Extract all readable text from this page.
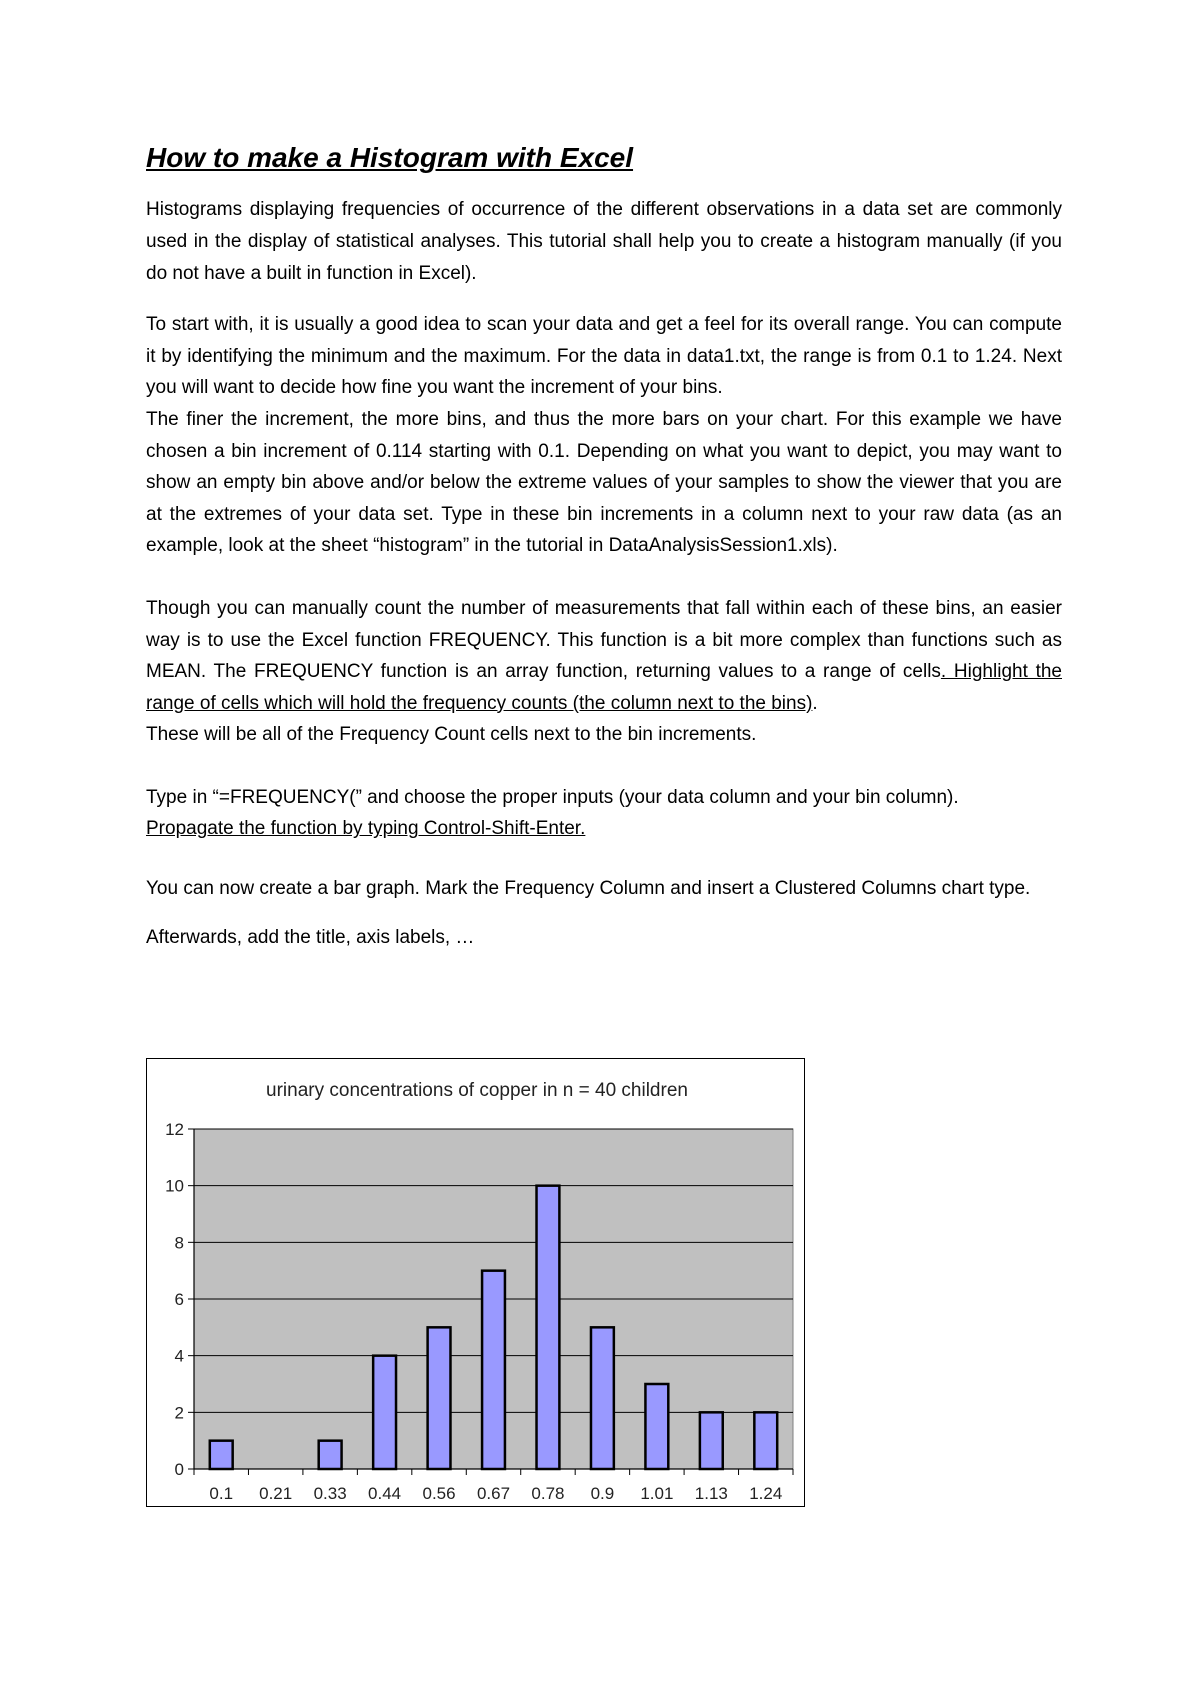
How to make a Histogram with Excel

Histograms displaying frequencies of occurrence of the different observations in a data set are commonly used in the display of statistical analyses. This tutorial shall help you to create a histogram manually (if you do not have a built in function in Excel).

To start with, it is usually a good idea to scan your data and get a feel for its overall range. You can compute it by identifying the minimum and the maximum. For the data in data1.txt, the range is from 0.1 to 1.24. Next you will want to decide how fine you want the increment of your bins.

The finer the increment, the more bins, and thus the more bars on your chart. For this example we have chosen a bin increment of 0.114 starting with 0.1. Depending on what you want to depict, you may want to show an empty bin above and/or below the extreme values of your samples to show the viewer that you are at the extremes of your data set. Type in these bin increments in a column next to your raw data (as an example, look at the sheet “histogram” in the tutorial in DataAnalysisSession1.xls).

Though you can manually count the number of measurements that fall within each of these bins, an easier way is to use the Excel function FREQUENCY. This function is a bit more complex than functions such as MEAN. The FREQUENCY function is an array function, returning values to a range of cells. Highlight the range of cells which will hold the frequency counts (the column next to the bins).
These will be all of the Frequency Count cells next to the bin increments.

Type in “=FREQUENCY(” and choose the proper inputs (your data column and your bin column).

Propagate the function by typing Control-Shift-Enter.

You can now create a bar graph. Mark the Frequency Column and insert a Clustered Columns chart type.

Afterwards, add the title, axis labels, …

0
2
4
6
8
10
12
0.1 0.21 0.33 0.44 0.56 0.67 0.78 0.9 1.01 1.13 1.24
urinary concentrations of copper in n = 40 children
